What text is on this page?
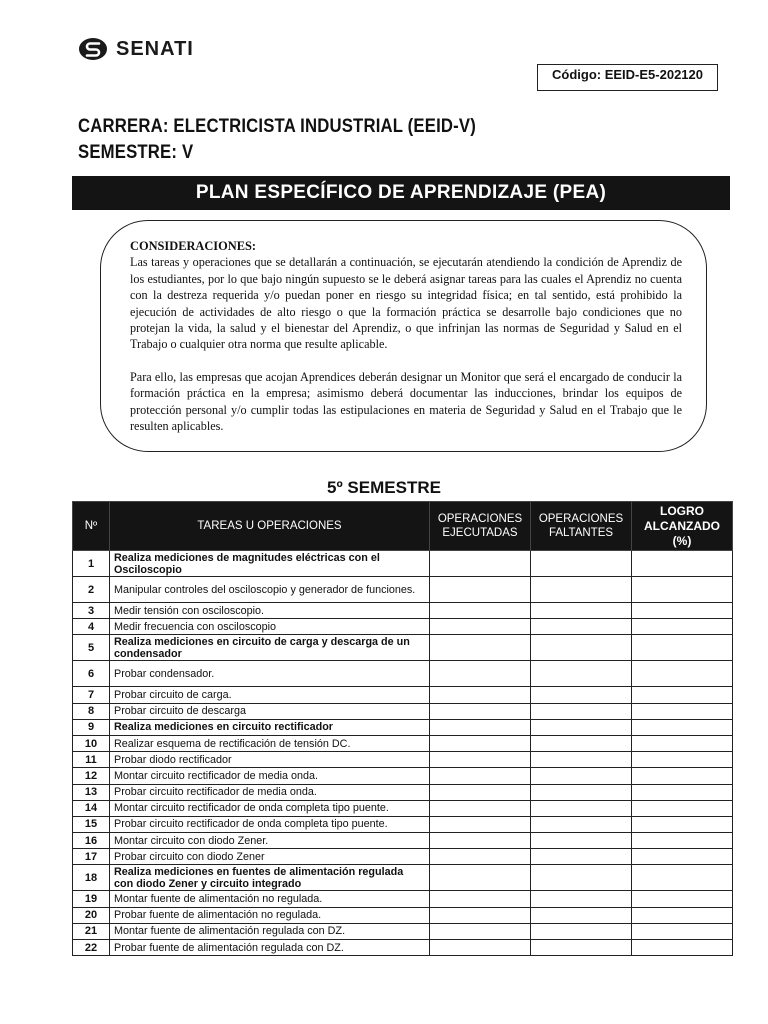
SENATI
Código: EEID-E5-202120
CARRERA: ELECTRICISTA INDUSTRIAL (EEID-V)
SEMESTRE: V
PLAN ESPECÍFICO DE APRENDIZAJE (PEA)
CONSIDERACIONES:

Las tareas y operaciones que se detallarán a continuación, se ejecutarán atendiendo la condición de Aprendiz de los estudiantes, por lo que bajo ningún supuesto se le deberá asignar tareas para las cuales el Aprendiz no cuenta con la destreza requerida y/o puedan poner en riesgo su integridad física; en tal sentido, está prohibido la ejecución de actividades de alto riesgo o que la formación práctica se desarrolle bajo condiciones que no protejan la vida, la salud y el bienestar del Aprendiz, o que infrinjan las normas de Seguridad y Salud en el Trabajo o cualquier otra norma que resulte aplicable.

Para ello, las empresas que acojan Aprendices deberán designar un Monitor que será el encargado de conducir la formación práctica en la empresa; asimismo deberá documentar las inducciones, brindar los equipos de protección personal y/o cumplir todas las estipulaciones en materia de Seguridad y Salud en el Trabajo que le resulten aplicables.

5º SEMESTRE
Nº	TAREAS U OPERACIONES	OPERACIONES EJECUTADAS	OPERACIONES FALTANTES	LOGRO ALCANZADO (%)
1	Realiza mediciones de magnitudes eléctricas con el Osciloscopio			
2	Manipular controles del osciloscopio y generador de funciones.			
3	Medir tensión con osciloscopio.			
4	Medir frecuencia con osciloscopio			
5	Realiza mediciones en circuito de carga y descarga de un condensador			
6	Probar condensador.			
7	Probar circuito de carga.			
8	Probar circuito de descarga			
9	Realiza mediciones en circuito rectificador			
10	Realizar esquema de rectificación de tensión DC.			
11	Probar diodo rectificador			
12	Montar circuito rectificador de media onda.			
13	Probar circuito rectificador de media onda.			
14	Montar circuito rectificador de onda completa tipo puente.			
15	Probar circuito rectificador de onda completa tipo puente.			
16	Montar circuito con diodo Zener.			
17	Probar circuito con diodo Zener			
18	Realiza mediciones en fuentes de alimentación regulada con diodo Zener y circuito integrado			
19	Montar fuente de alimentación no regulada.			
20	Probar fuente de alimentación no regulada.			
21	Montar fuente de alimentación regulada con DZ.			
22	Probar fuente de alimentación regulada con DZ.			
